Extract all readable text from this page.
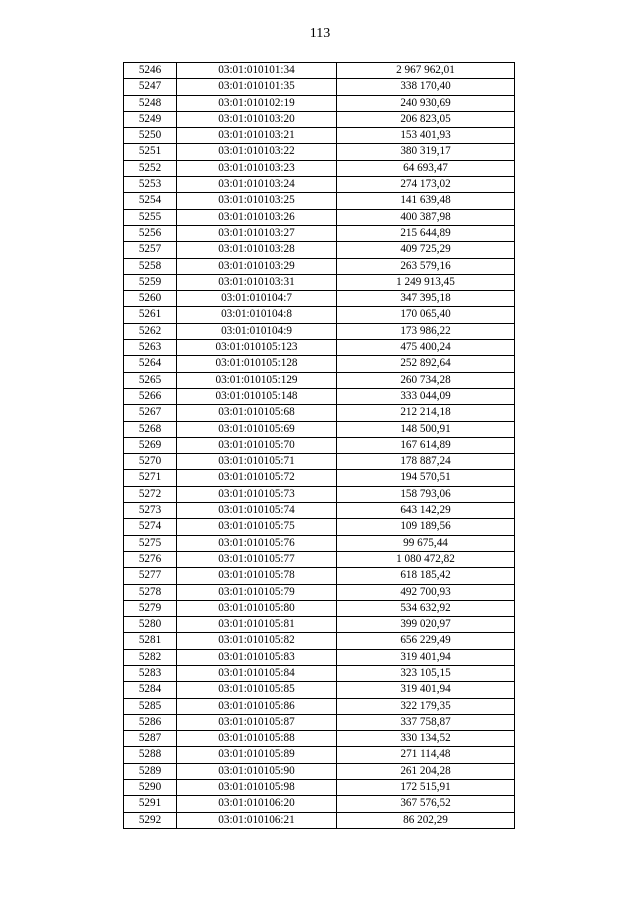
113
5246	03:01:010101:34	2 967 962,01
5247	03:01:010101:35	338 170,40
5248	03:01:010102:19	240 930,69
5249	03:01:010103:20	206 823,05
5250	03:01:010103:21	153 401,93
5251	03:01:010103:22	380 319,17
5252	03:01:010103:23	64 693,47
5253	03:01:010103:24	274 173,02
5254	03:01:010103:25	141 639,48
5255	03:01:010103:26	400 387,98
5256	03:01:010103:27	215 644,89
5257	03:01:010103:28	409 725,29
5258	03:01:010103:29	263 579,16
5259	03:01:010103:31	1 249 913,45
5260	03:01:010104:7	347 395,18
5261	03:01:010104:8	170 065,40
5262	03:01:010104:9	173 986,22
5263	03:01:010105:123	475 400,24
5264	03:01:010105:128	252 892,64
5265	03:01:010105:129	260 734,28
5266	03:01:010105:148	333 044,09
5267	03:01:010105:68	212 214,18
5268	03:01:010105:69	148 500,91
5269	03:01:010105:70	167 614,89
5270	03:01:010105:71	178 887,24
5271	03:01:010105:72	194 570,51
5272	03:01:010105:73	158 793,06
5273	03:01:010105:74	643 142,29
5274	03:01:010105:75	109 189,56
5275	03:01:010105:76	99 675,44
5276	03:01:010105:77	1 080 472,82
5277	03:01:010105:78	618 185,42
5278	03:01:010105:79	492 700,93
5279	03:01:010105:80	534 632,92
5280	03:01:010105:81	399 020,97
5281	03:01:010105:82	656 229,49
5282	03:01:010105:83	319 401,94
5283	03:01:010105:84	323 105,15
5284	03:01:010105:85	319 401,94
5285	03:01:010105:86	322 179,35
5286	03:01:010105:87	337 758,87
5287	03:01:010105:88	330 134,52
5288	03:01:010105:89	271 114,48
5289	03:01:010105:90	261 204,28
5290	03:01:010105:98	172 515,91
5291	03:01:010106:20	367 576,52
5292	03:01:010106:21	86 202,29
